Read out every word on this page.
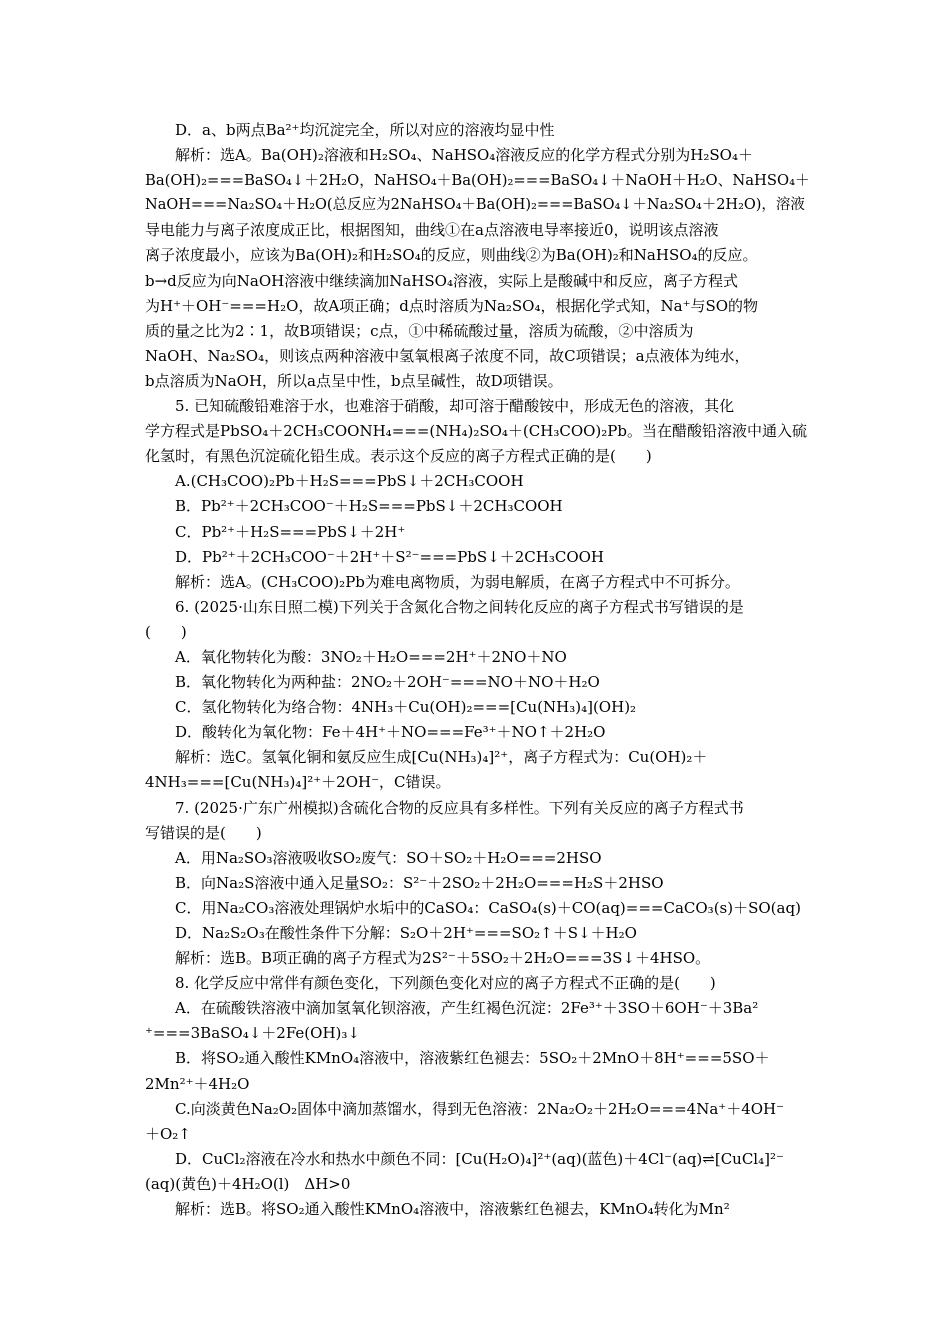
D．a、b两点Ba²⁺均沉淀完全，所以对应的溶液均显中性
解析：选A。Ba(OH)₂溶液和H₂SO₄、NaHSO₄溶液反应的化学方程式分别为H₂SO₄＋
Ba(OH)₂===BaSO₄↓＋2H₂O，NaHSO₄＋Ba(OH)₂===BaSO₄↓＋NaOH＋H₂O、NaHSO₄＋
NaOH===Na₂SO₄＋H₂O(总反应为2NaHSO₄＋Ba(OH)₂===BaSO₄↓＋Na₂SO₄＋2H₂O)，溶液
导电能力与离子浓度成正比，根据图知，曲线①在a点溶液电导率接近0，说明该点溶液
离子浓度最小，应该为Ba(OH)₂和H₂SO₄的反应，则曲线②为Ba(OH)₂和NaHSO₄的反应。
b→d反应为向NaOH溶液中继续滴加NaHSO₄溶液，实际上是酸碱中和反应，离子方程式
为H⁺＋OH⁻===H₂O，故A项正确；d点时溶质为Na₂SO₄，根据化学式知，Na⁺与SO的物
质的量之比为2∶1，故B项错误；c点，①中稀硫酸过量，溶质为硫酸，②中溶质为
NaOH、Na₂SO₄，则该点两种溶液中氢氧根离子浓度不同，故C项错误；a点液体为纯水，
b点溶质为NaOH，所以a点呈中性，b点呈碱性，故D项错误。
5. 已知硫酸铅难溶于水，也难溶于硝酸，却可溶于醋酸铵中，形成无色的溶液，其化
学方程式是PbSO₄＋2CH₃COONH₄===(NH₄)₂SO₄＋(CH₃COO)₂Pb。当在醋酸铅溶液中通入硫
化氢时，有黑色沉淀硫化铅生成。表示这个反应的离子方程式正确的是(　　)
A.(CH₃COO)₂Pb＋H₂S===PbS↓＋2CH₃COOH
B．Pb²⁺＋2CH₃COO⁻＋H₂S===PbS↓＋2CH₃COOH
C．Pb²⁺＋H₂S===PbS↓＋2H⁺
D．Pb²⁺＋2CH₃COO⁻＋2H⁺＋S²⁻===PbS↓＋2CH₃COOH
解析：选A。(CH₃COO)₂Pb为难电离物质，为弱电解质，在离子方程式中不可拆分。
6. (2025·山东日照二模)下列关于含氮化合物之间转化反应的离子方程式书写错误的是
(　　)
A．氧化物转化为酸：3NO₂＋H₂O===2H⁺＋2NO＋NO
B．氧化物转化为两种盐：2NO₂＋2OH⁻===NO＋NO＋H₂O
C．氢化物转化为络合物：4NH₃＋Cu(OH)₂===[Cu(NH₃)₄](OH)₂
D．酸转化为氧化物：Fe＋4H⁺＋NO===Fe³⁺＋NO↑＋2H₂O
解析：选C。氢氧化铜和氨反应生成[Cu(NH₃)₄]²⁺，离子方程式为：Cu(OH)₂＋
4NH₃===[Cu(NH₃)₄]²⁺＋2OH⁻，C错误。
7. (2025·广东广州模拟)含硫化合物的反应具有多样性。下列有关反应的离子方程式书
写错误的是(　　)
A．用Na₂SO₃溶液吸收SO₂废气：SO＋SO₂＋H₂O===2HSO
B．向Na₂S溶液中通入足量SO₂：S²⁻＋2SO₂＋2H₂O===H₂S＋2HSO
C．用Na₂CO₃溶液处理锅炉水垢中的CaSO₄：CaSO₄(s)＋CO(aq)===CaCO₃(s)＋SO(aq)
D．Na₂S₂O₃在酸性条件下分解：S₂O＋2H⁺===SO₂↑＋S↓＋H₂O
解析：选B。B项正确的离子方程式为2S²⁻＋5SO₂＋2H₂O===3S↓＋4HSO。
8. 化学反应中常伴有颜色变化，下列颜色变化对应的离子方程式不正确的是(　　)
A．在硫酸铁溶液中滴加氢氧化钡溶液，产生红褐色沉淀：2Fe³⁺＋3SO＋6OH⁻＋3Ba²
⁺===3BaSO₄↓＋2Fe(OH)₃↓
B．将SO₂通入酸性KMnO₄溶液中，溶液紫红色褪去：5SO₂＋2MnO＋8H⁺===5SO＋
2Mn²⁺＋4H₂O
C.向淡黄色Na₂O₂固体中滴加蒸馏水，得到无色溶液：2Na₂O₂＋2H₂O===4Na⁺＋4OH⁻
＋O₂↑
D．CuCl₂溶液在冷水和热水中颜色不同：[Cu(H₂O)₄]²⁺(aq)(蓝色)＋4Cl⁻(aq)⇌[CuCl₄]²⁻
(aq)(黄色)＋4H₂O(l)　ΔH>0
解析：选B。将SO₂通入酸性KMnO₄溶液中，溶液紫红色褪去，KMnO₄转化为Mn²
